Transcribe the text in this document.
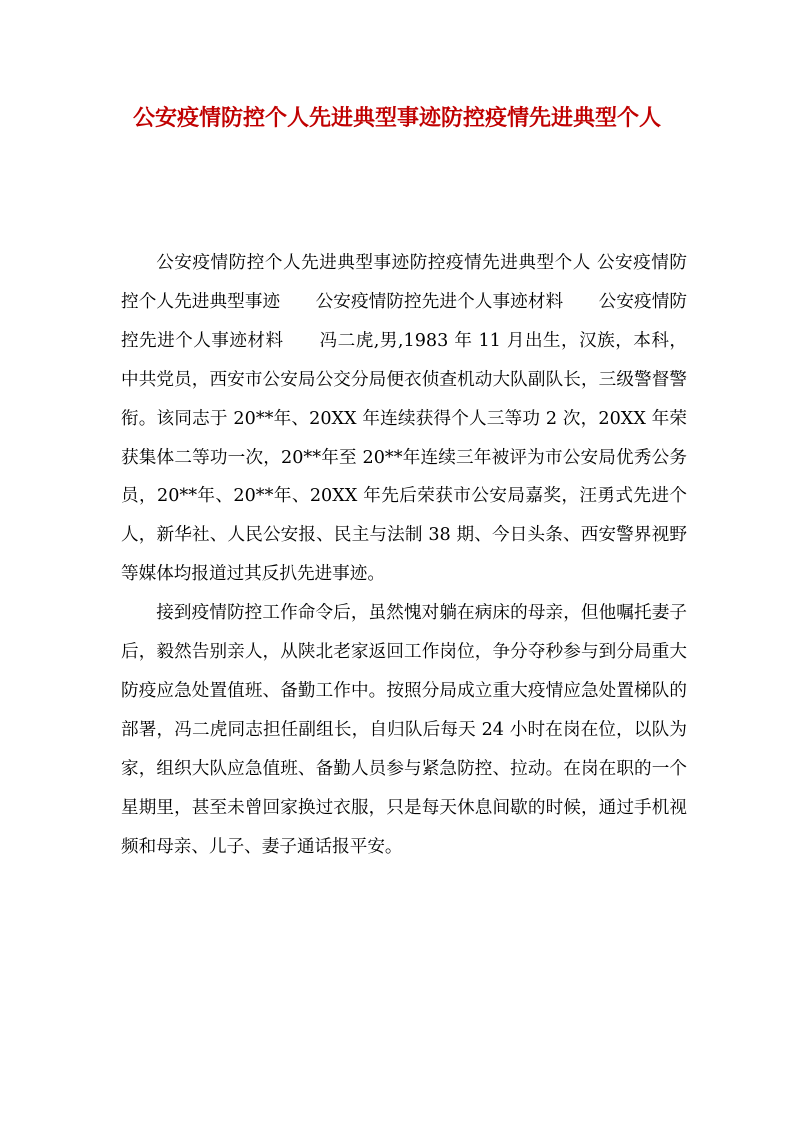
公安疫情防控个人先进典型事迹防控疫情先进典型个人

公安疫情防控个人先进典型事迹防控疫情先进典型个人 公安疫情防控个人先进典型事迹　　公安疫情防控先进个人事迹材料　　公安疫情防控先进个人事迹材料　　冯二虎,男,1983 年 11 月出生，汉族，本科，中共党员，西安市公安局公交分局便衣侦查机动大队副队长，三级警督警衔。该同志于 20**年、20XX 年连续获得个人三等功 2 次，20XX 年荣获集体二等功一次，20**年至 20**年连续三年被评为市公安局优秀公务员，20**年、20**年、20XX 年先后荣获市公安局嘉奖，汪勇式先进个人，新华社、人民公安报、民主与法制 38 期、今日头条、西安警界视野等媒体均报道过其反扒先进事迹。

接到疫情防控工作命令后，虽然愧对躺在病床的母亲，但他嘱托妻子后，毅然告别亲人，从陕北老家返回工作岗位，争分夺秒参与到分局重大防疫应急处置值班、备勤工作中。按照分局成立重大疫情应急处置梯队的部署，冯二虎同志担任副组长，自归队后每天 24 小时在岗在位，以队为家，组织大队应急值班、备勤人员参与紧急防控、拉动。在岗在职的一个星期里，甚至未曾回家换过衣服，只是每天休息间歇的时候，通过手机视频和母亲、儿子、妻子通话报平安。
